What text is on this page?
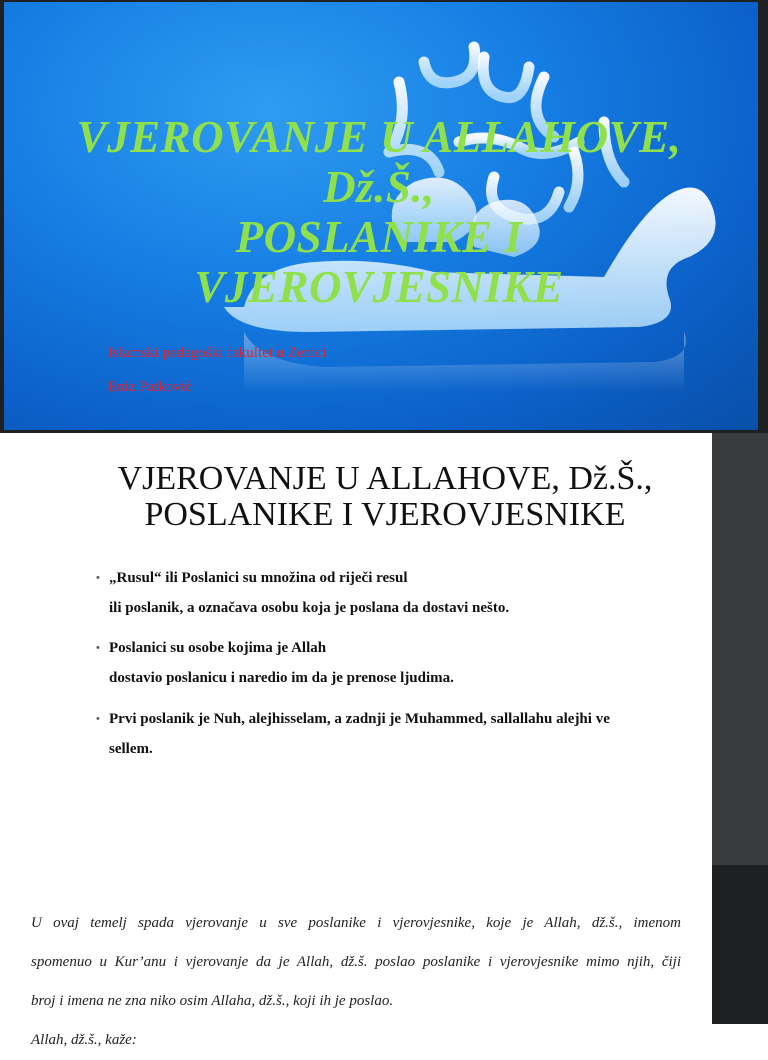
VJEROVANJE U ALLAHOVE,
Dž.Š.,
POSLANIKE I
VJEROVJESNIKE
Islamski pedagoški fakultet u Zenici
Eniz Patković
VJEROVANJE U ALLAHOVE, Dž.Š.,
POSLANIKE I VJEROVJESNIKE
• „Rusul“ ili Poslanici su množina od riječi resul
ili poslanik, a označava osobu koja je poslana da dostavi nešto.
• Poslanici su osobe kojima je Allah
dostavio poslanicu i naredio im da je prenose ljudima.
• Prvi poslanik je Nuh, alejhisselam, a zadnji je Muhammed, sallallahu alejhi ve
sellem.
U ovaj temelj spada vjerovanje u sve poslanike i vjerovjesnike, koje je Allah, dž.š., imenom
spomenuo u Kur’anu i vjerovanje da je Allah, dž.š. poslao poslanike i vjerovjesnike mimo njih, čiji
broj i imena ne zna niko osim Allaha, dž.š., koji ih je poslao.
Allah, dž.š., kaže:
